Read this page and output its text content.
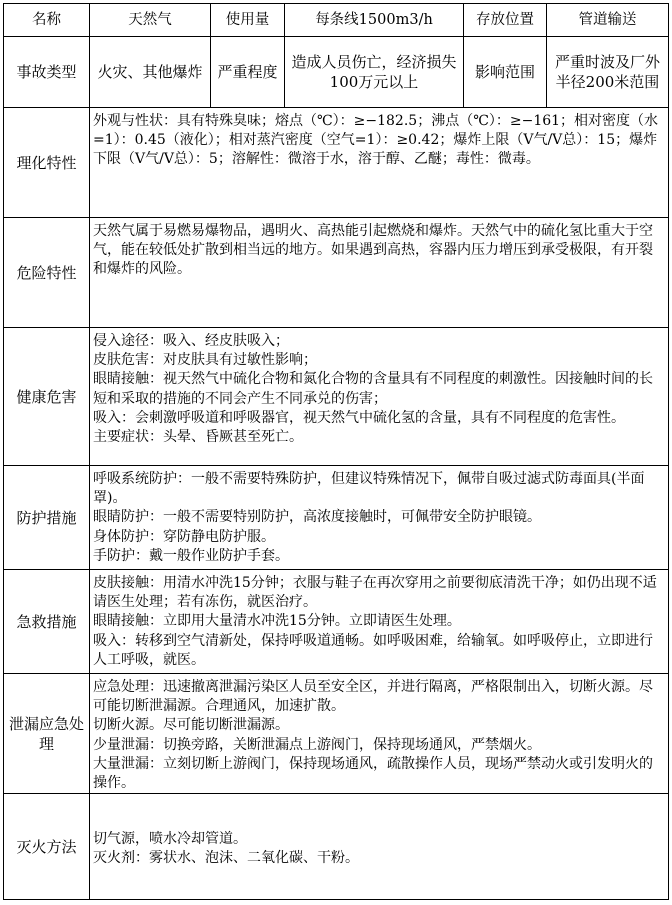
名称	天然气	使用量	每条线1500m3/h	存放位置	管道输送
事故类型	火灾、其他爆炸	严重程度	造成人员伤亡，经济损失100万元以上	影响范围	严重时波及厂外半径200米范围
理化特性	外观与性状：具有特殊臭味；熔点（℃）：≥−182.5；沸点（℃）：≥−161；相对密度（水 =1）：0.45（液化）；相对蒸汽密度（空气=1）：≥0.42；爆炸上限（V气/V总）：15；爆炸下限（V气/V总）：5；溶解性：微溶于水，溶于醇、乙醚；毒性：微毒。				

危险特性	天然气属于易燃易爆物品，遇明火、高热能引起燃烧和爆炸。天然气中的硫化氢比重大于空气，能在较低处扩散到相当远的地方。如果遇到高热，容器内压力增压到承受极限，有开裂和爆炸的风险。				

健康危害	侵入途径：吸入、经皮肤吸入；
皮肤危害：对皮肤具有过敏性影响；
眼睛接触：视天然气中硫化合物和氮化合物的含量具有不同程度的刺激性。因接触时间的长短和采取的措施的不同会产生不同承兑的伤害；
吸入：会刺激呼吸道和呼吸器官，视天然气中硫化氢的含量，具有不同程度的危害性。
主要症状：头晕、昏厥甚至死亡。				

防护措施	呼吸系统防护：一般不需要特殊防护，但建议特殊情况下，佩带自吸过滤式防毒面具(半面罩)。
眼睛防护：一般不需要特别防护，高浓度接触时，可佩带安全防护眼镜。
身体防护：穿防静电防护服。
手防护：戴一般作业防护手套。				

急救措施	皮肤接触：用清水冲洗15分钟；衣服与鞋子在再次穿用之前要彻底清洗干净；如仍出现不适请医生处理；若有冻伤，就医治疗。
眼睛接触：立即用大量清水冲洗15分钟。立即请医生处理。
吸入：转移到空气清新处，保持呼吸道通畅。如呼吸困难，给输氧。如呼吸停止，立即进行人工呼吸，就医。				

泄漏应急处理	应急处理：迅速撤离泄漏污染区人员至安全区，并进行隔离，严格限制出入，切断火源。尽可能切断泄漏源。合理通风，加速扩散。
切断火源。尽可能切断泄漏源。
少量泄漏：切换旁路，关断泄漏点上游阀门，保持现场通风，严禁烟火。
大量泄漏：立刻切断上游阀门，保持现场通风，疏散操作人员，现场严禁动火或引发明火的操作。				

灭火方法	切气源，喷水冷却管道。
灭火剂：雾状水、泡沫、二氧化碳、干粉。				
